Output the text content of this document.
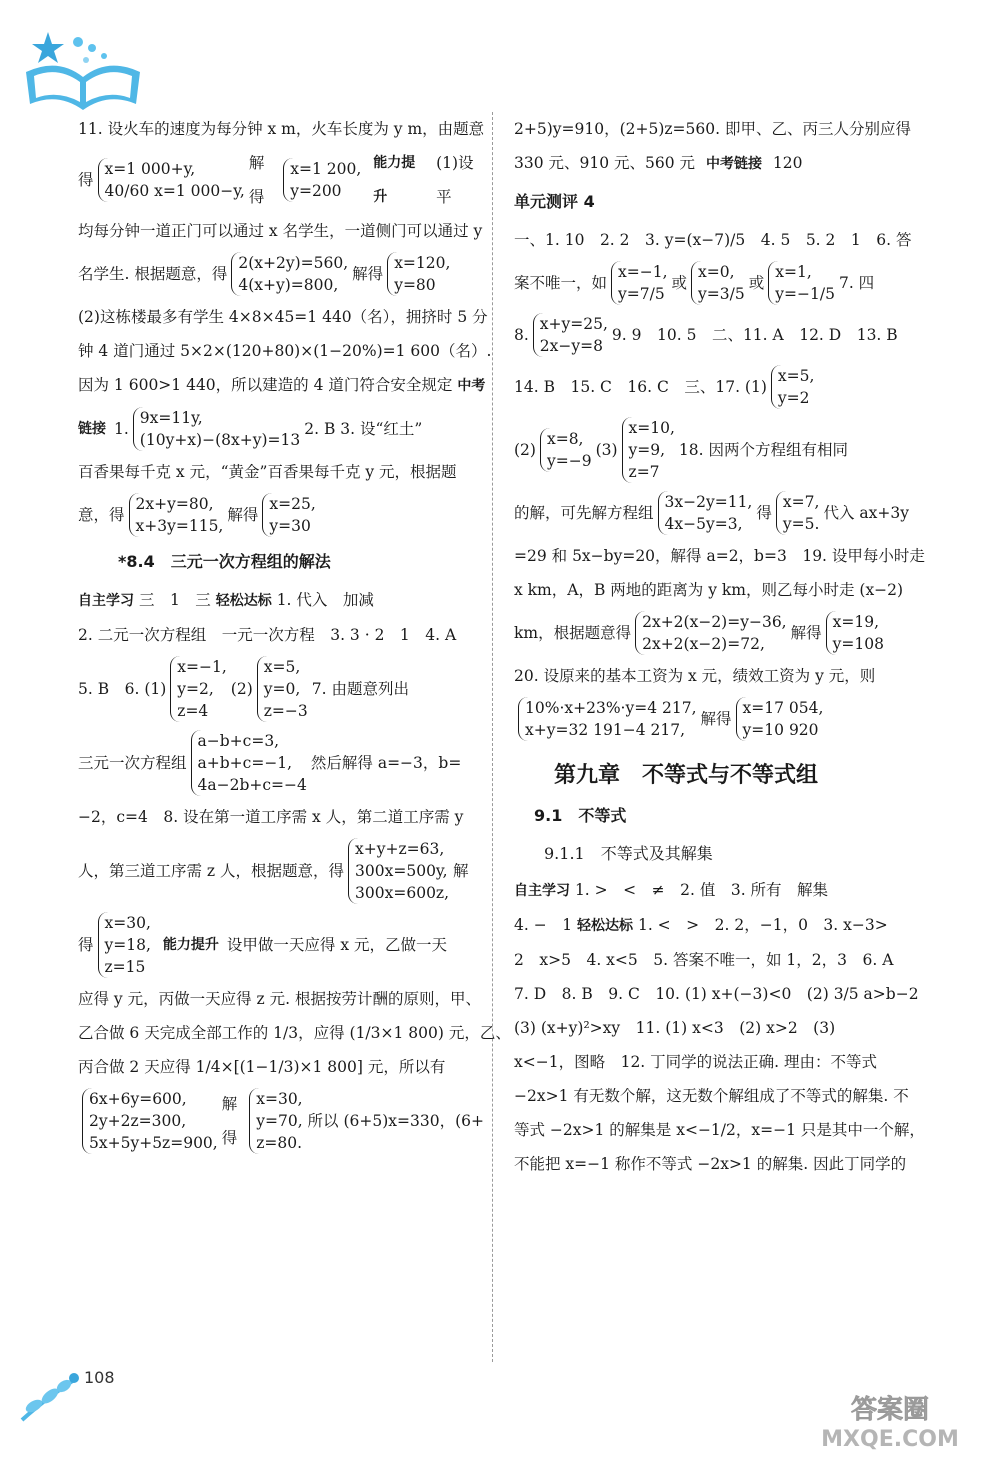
11. 设火车的速度为每分钟 x m，火车长度为 y m，由题意
得
x=1 000+y,
40/60 x=1 000−y,
解得
x=1 200,
y=200
能力提升
(1)设平
均每分钟一道正门可以通过 x 名学生，一道侧门可以通过 y
名学生. 根据题意，得
2(x+2y)=560,
4(x+y)=800,
解得
x=120,
y=80
(2)这栋楼最多有学生 4×8×45=1 440（名），拥挤时 5 分
钟 4 道门通过 5×2×(120+80)×(1−20%)=1 600（名）.
因为 1 600>1 440，所以建造的 4 道门符合安全规定 中考
链接 1.
9x=11y,
(10y+x)−(8x+y)=13
2. B 3. 设“红土”
百香果每千克 x 元，“黄金”百香果每千克 y 元，根据题
意，得
2x+y=80,
x+3y=115,
解得
x=25,
y=30
*8.4　三元一次方程组的解法
自主学习 三　1　三 轻松达标 1. 代入　加减
2. 二元一次方程组　一元一次方程　3. 3 · 2　1　4. A
5. B　6. (1)
x=−1,
y=2,
z=4
(2)
x=5,
y=0,
z=−3
7. 由题意列出
三元一次方程组
a−b+c=3,
a+b+c=−1,
4a−2b+c=−4
然后解得 a=−3，b=
−2，c=4　8. 设在第一道工序需 x 人，第二道工序需 y
人，第三道工序需 z 人，根据题意，得
x+y+z=63,
300x=500y,
300x=600z,
解
得
x=30,
y=18,
z=15
能力提升 设甲做一天应得 x 元，乙做一天
应得 y 元，丙做一天应得 z 元. 根据按劳计酬的原则，甲、
乙合做 6 天完成全部工作的 1/3，应得 (1/3×1 800) 元，乙、
丙合做 2 天应得 1/4×[(1−1/3)×1 800] 元，所以有
6x+6y=600,
2y+2z=300,
5x+5y+5z=900,
解得
x=30,
y=70, 所以 (6+5)x=330，(6+
z=80.
2+5)y=910，(2+5)z=560. 即甲、乙、丙三人分别应得
330 元、910 元、560 元 中考链接 120
单元测评 4
一、1. 10　2. 2　3. y=(x−7)/5　4. 5　5. 2　1　6. 答
案不唯一，如
x=−1,
y=7/5
或
x=0,
y=3/5
或
x=1,
y=−1/5
7. 四
8.
x+y=25,
2x−y=8
9. 9　10. 5　二、11. A　12. D　13. B
14. B　15. C　16. C　三、17. (1)
x=5,
y=2
(2)
x=8,
y=−9
(3)
x=10,
y=9,
z=7
18. 因两个方程组有相同
的解，可先解方程组
3x−2y=11,
4x−5y=3,
得
x=7,
y=5.
代入 ax+3y
=29 和 5x−by=20，解得 a=2，b=3　19. 设甲每小时走
x km，A，B 两地的距离为 y km，则乙每小时走 (x−2)
km，根据题意得
2x+2(x−2)=y−36,
2x+2(x−2)=72,
解得
x=19,
y=108
20. 设原来的基本工资为 x 元，绩效工资为 y 元，则
10%·x+23%·y=4 217,
x+y=32 191−4 217,
解得
x=17 054,
y=10 920
第九章　不等式与不等式组
9.1　不等式
9.1.1　不等式及其解集
自主学习 1. >　<　≠　2. 值　3. 所有　解集
4. −　1 轻松达标 1. <　>　2. 2，−1，0　3. x−3>
2　x>5　4. x<5　5. 答案不唯一，如 1，2，3　6. A
7. D　8. B　9. C　10. (1) x+(−3)<0　(2) 3/5 a>b−2
(3) (x+y)²>xy　11. (1) x<3　(2) x>2　(3)
x<−1，图略　12. 丁同学的说法正确. 理由：不等式
−2x>1 有无数个解，这无数个解组成了不等式的解集. 不
等式 −2x>1 的解集是 x<−1/2，x=−1 只是其中一个解，
不能把 x=−1 称作不等式 −2x>1 的解集. 因此丁同学的
108
答案圈
MXQE.COM
